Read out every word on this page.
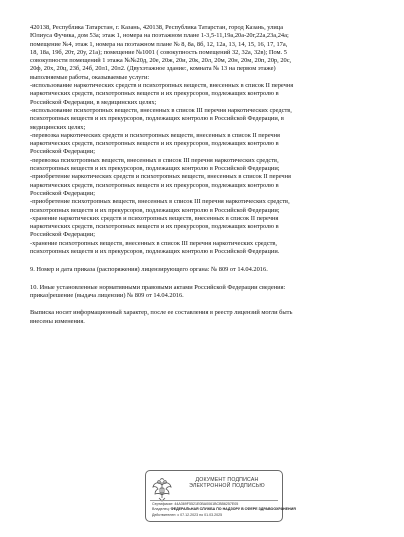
420138, Республика Татарстан, г. Казань, 420138, Республика Татарстан, город Казань, улица
Юлиуса Фучика, дом 53а; этаж 1, номера на поэтажном плане 1-3,5-11,19а,20а-20г,22а,23а,24а;
помещение №4, этаж 1, номера на поэтажном плане № 8, 8а, 8б, 12, 12а, 13, 14, 15, 16, 17, 17а,
18, 18а, 19б, 20т, 20у, 21а); помещение №1001 ( совокупность помещений 32, 32а, 32в); Пом. 5
совокупности помещений 1 этажа №№20д, 20е, 20ж, 20и, 20к, 20л, 20м, 20н, 20м, 20п, 20р, 20с,
20ф, 20х, 20ц, 23б, 24б, 20л1, 20л2. (Двухэтажное здание:, комната № 13 на первом этаже)
выполняемые работы, оказываемые услуги:
-использование наркотических средств и психотропных веществ, внесенных в список II перечня
наркотических средств, психотропных веществ и их прекурсоров, подлежащих контролю в
Российской Федерации, в медицинских целях;
-использование психотропных веществ, внесенных в список III перечня наркотических средств,
психотропных веществ и их прекурсоров, подлежащих контролю в Российской Федерации, в
медицинских целях;
-перевозка наркотических средств и психотропных веществ, внесенных в список II перечня
наркотических средств, психотропных веществ и их прекурсоров, подлежащих контролю в
Российской Федерации;
-перевозка психотропных веществ, внесенных в список III перечня наркотических средств,
психотропных веществ и их прекурсоров, подлежащих контролю в Российской Федерации;
-приобретение наркотических средств и психотропных веществ, внесенных в список II перечня
наркотических средств, психотропных веществ и их прекурсоров, подлежащих контролю в
Российской Федерации;
-приобретение психотропных веществ, внесенных в список III перечня наркотических средств,
психотропных веществ и их прекурсоров, подлежащих контролю в Российской Федерации;
-хранение наркотических средств и психотропных веществ, внесенных в список II перечня
наркотических средств, психотропных веществ и их прекурсоров, подлежащих контролю в
Российской Федерации;
-хранение психотропных веществ, внесенных в список III перечня наркотических средств,
психотропных веществ и их прекурсоров, подлежащих контролю в Российской Федерации.
9. Номер и дата приказа (распоряжения) лицензирующего органа: № 809 от 14.04.2016.
10. Иные установленные нормативными правовыми актами Российской Федерации сведения:
приказ|решение (выдача лицензии) № 809 от 14.04.2016.
Выписка носит информационный характер, после ее составления в реестр лицензий могли быть
внесены изменения.
ДОКУМЕНТ ПОДПИСАН
ЭЛЕКТРОННОЙ ПОДПИСЬЮ
Сертификат: 44A369F5521E0BA0061BCBB6257E05
Владелец: ФЕДЕРАЛЬНАЯ СЛУЖБА ПО НАДЗОРУ В СФЕРЕ ЗДРАВООХРАНЕНИЯ
Действителен: с 07.12.2023 по 01.03.2025
